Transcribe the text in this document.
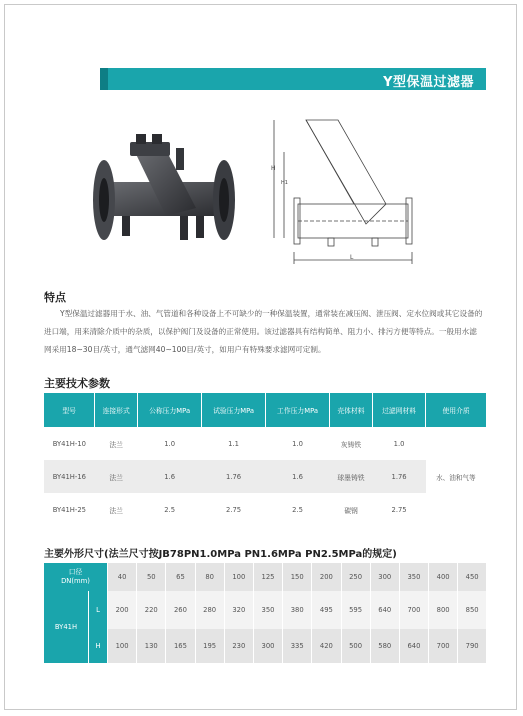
Y型保温过滤器
H
H1
L
特点

Y型保温过滤器用于水、油、气管道和各种设备上不可缺少的一种保温装置，通常装在减压阀、泄压阀、定水位阀或其它设备的进口端，用来清除介质中的杂质，以保护阀门及设备的正常使用。该过滤器具有结构简单、阻力小、排污方便等特点。一般用水滤网采用18~30目/英寸，通气滤网40~100目/英寸，如用户有特殊要求滤网可定制。

主要技术参数
型号	连接形式	公称压力MPa	试验压力MPa	工作压力MPa	壳体材料	过滤网材料	使用介质
BY41H-10	法兰	1.0	1.1	1.0	灰铸铁	1.0	水、油和气等
BY41H-16	法兰	1.6	1.76	1.6	球墨铸铁	1.76	
BY41H-25	法兰	2.5	2.75	2.5	碳钢	2.75	
主要外形尺寸(法兰尺寸按JB78PN1.0MPa PN1.6MPa PN2.5MPa的规定)
口径
DN(mm)		40	50	65	80	100	125	150	200	250	300	350	400	450
BY41H	L	200	220	260	280	320	350	380	495	595	640	700	800	850
	H	100	130	165	195	230	300	335	420	500	580	640	700	790
